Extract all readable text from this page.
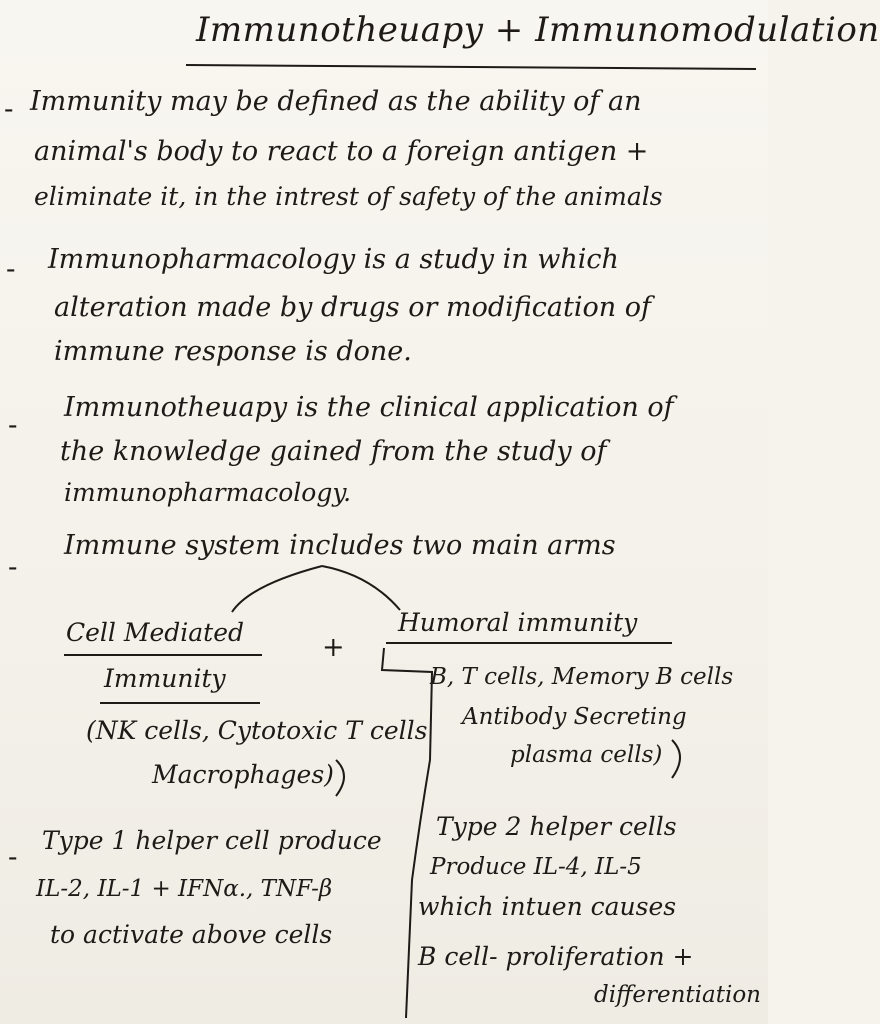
Immunotheuapy + Immunomodulation
- Immunity may be defined as the ability of an
animal's body to react to a foreign antigen +
eliminate it, in the intrest of safety of the animals
- Immunopharmacology is a study in which
alteration made by drugs or modification of
immune response is done.
-
Immunotheuapy is the clinical application of
the knowledge gained from the study of
immunopharmacology.
-
Immune system includes two main arms
Cell Mediated	+
Immunity
(NK cells, Cytotoxic T cells
Macrophages)
Humoral immunity
B, T cells, Memory B cells
Antibody Secreting
plasma cells)
- Type 1 helper cell produce
IL-2, IL-1 + IFNα., TNF-β
to activate above cells
Type 2 helper cells
Produce IL-4, IL-5
which intuen causes
B cell- proliferation +
differentiation
